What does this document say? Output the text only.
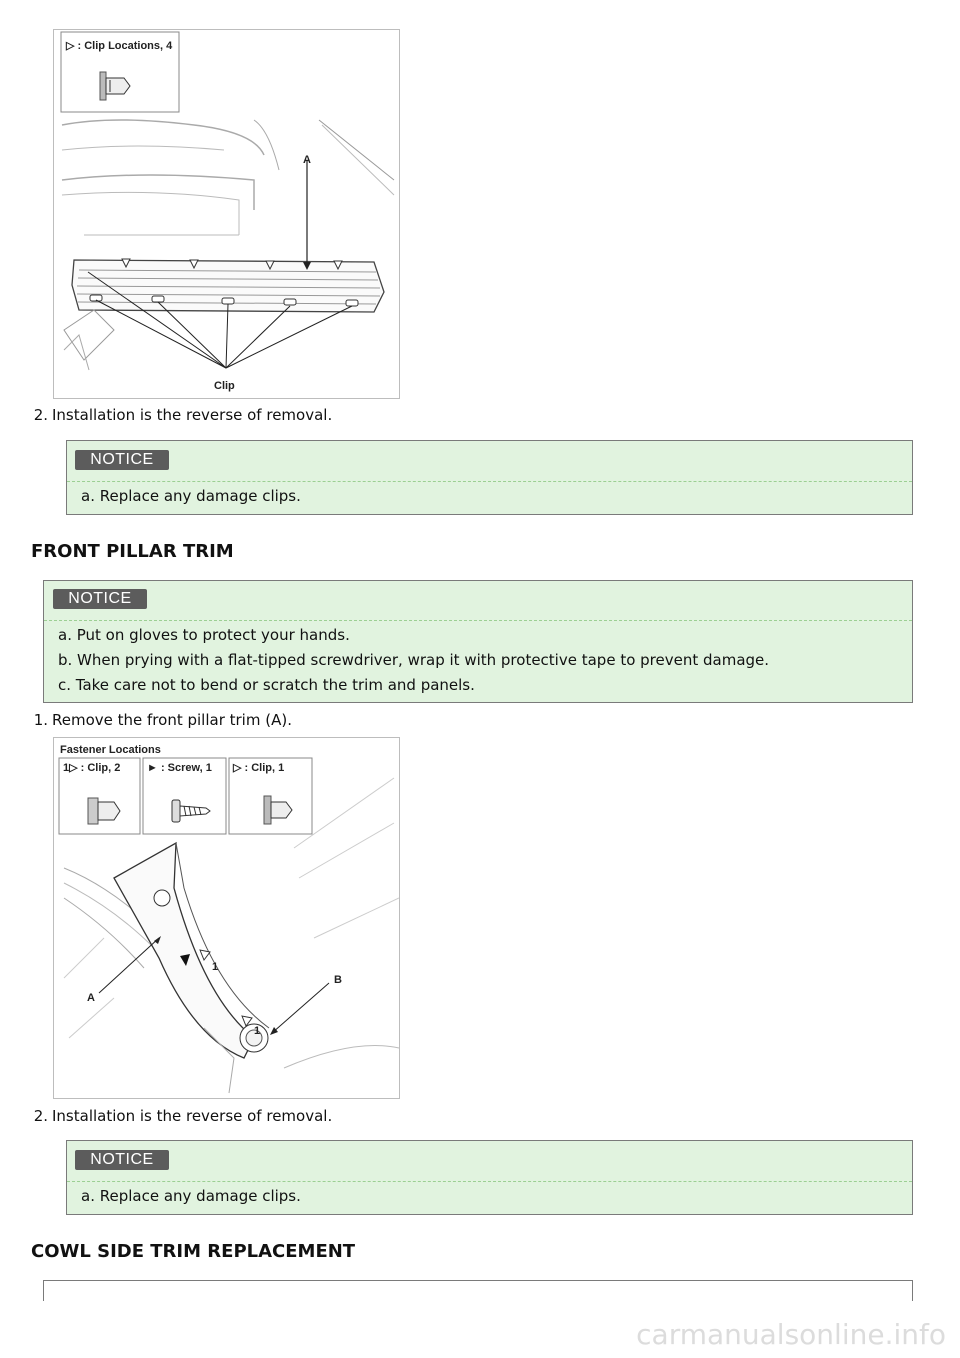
▷ : Clip Locations, 4
A
Clip
2. Installation is the reverse of removal.
NOTICE
a. Replace any damage clips.
FRONT PILLAR TRIM
NOTICE
a. Put on gloves to protect your hands.
b. When prying with a flat-tipped screwdriver, wrap it with protective tape to prevent damage.
c. Take care not to bend or scratch the trim and panels.
1. Remove the front pillar trim (A).
Fastener Locations
1▷ : Clip, 2 ► : Screw, 1 ▷ : Clip, 1
1
1
A
B
2. Installation is the reverse of removal.
NOTICE
a. Replace any damage clips.
COWL SIDE TRIM REPLACEMENT
carmanualsonline.info
